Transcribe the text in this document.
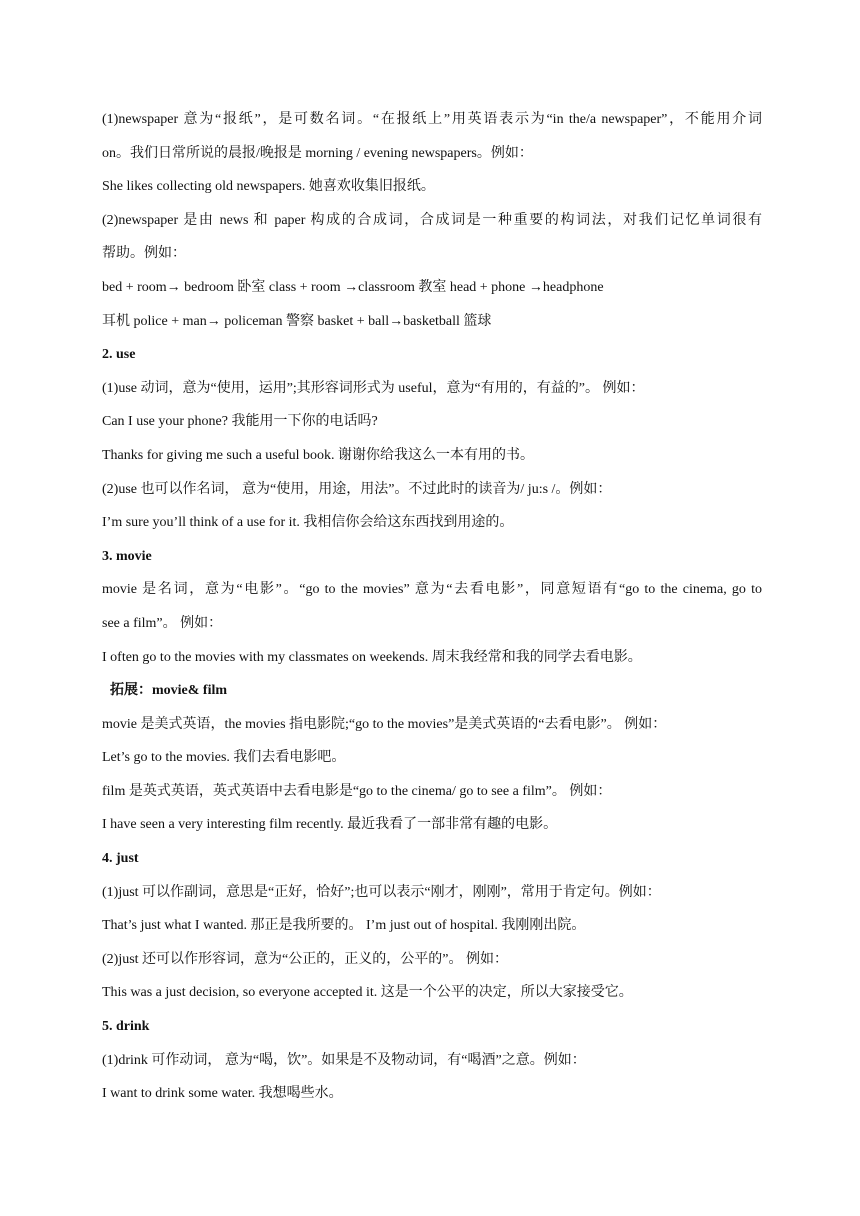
(1)newspaper 意为“报纸”，是可数名词。“在报纸上”用英语表示为“in the/a newspaper”，不能用介词
on。我们日常所说的晨报/晚报是 morning / evening newspapers。例如：
She likes collecting old newspapers. 她喜欢收集旧报纸。
(2)newspaper 是由 news 和 paper 构成的合成词，合成词是一种重要的构词法，对我们记忆单词很有
帮助。例如：
bed + room→ bedroom 卧室 class + room →classroom 教室 head + phone →headphone
耳机 police + man→ policeman 警察 basket + ball→basketball 篮球
2. use
(1)use 动词，意为“使用，运用”;其形容词形式为 useful，意为“有用的，有益的”。 例如：
Can I use your phone? 我能用一下你的电话吗?
Thanks for giving me such a useful book. 谢谢你给我这么一本有用的书。
(2)use 也可以作名词， 意为“使用，用途，用法”。不过此时的读音为/ ju:s /。例如：
I’m sure you’ll think of a use for it. 我相信你会给这东西找到用途的。
3. movie
movie 是名词，意为“电影”。“go to the movies” 意为“去看电影”，同意短语有“go to the cinema, go to
see a film”。 例如：
I often go to the movies with my classmates on weekends. 周末我经常和我的同学去看电影。
拓展：movie& film
movie 是美式英语，the movies 指电影院;“go to the movies”是美式英语的“去看电影”。 例如：
Let’s go to the movies. 我们去看电影吧。
film 是英式英语，英式英语中去看电影是“go to the cinema/ go to see a film”。 例如：
I have seen a very interesting film recently. 最近我看了一部非常有趣的电影。
4. just
(1)just 可以作副词，意思是“正好，恰好”;也可以表示“刚才，刚刚”，常用于肯定句。例如：
That’s just what I wanted. 那正是我所要的。 I’m just out of hospital. 我刚刚出院。
(2)just 还可以作形容词，意为“公正的，正义的，公平的”。 例如：
This was a just decision, so everyone accepted it. 这是一个公平的决定，所以大家接受它。
5. drink
(1)drink 可作动词， 意为“喝，饮”。如果是不及物动词，有“喝酒”之意。例如：
I want to drink some water. 我想喝些水。
